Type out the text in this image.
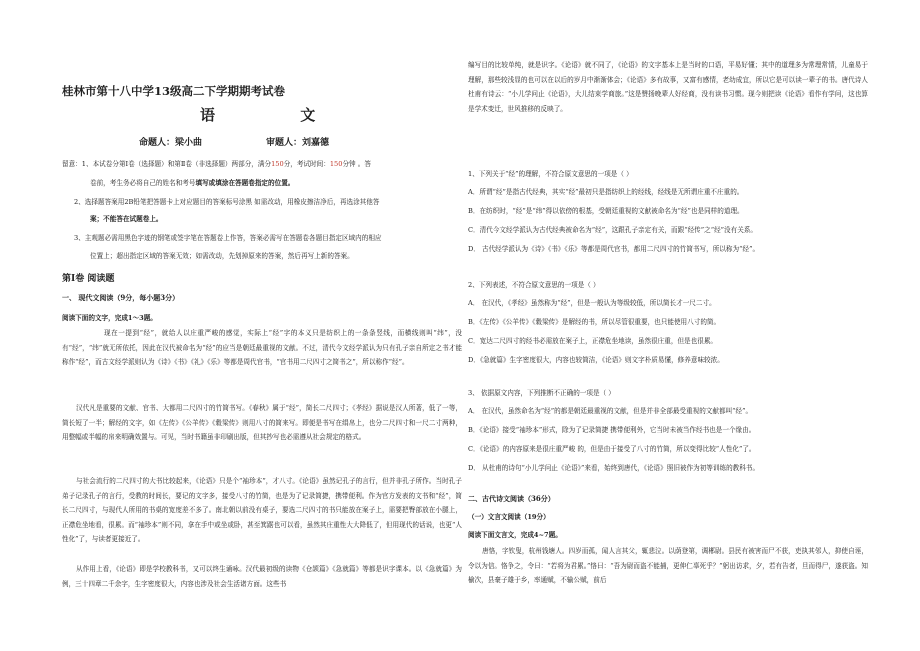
桂林市第十八中学13级高二下学期期考试卷
语 文
命题人：梁小曲	审题人：刘嘉德
留意：1、本试卷分第Ⅰ卷（选择题）和第Ⅱ卷（非选择题）两部分，满分150分，考试时间：150分钟 。答
卷前，考生务必将自己的姓名和考号填写或填涂在答题卷指定的位置。
2、选择题答案用2B铅笔把答题卡上对应题目的答案标号涂黑 如需改动，用橡皮擦洁净后，再选涂其他答
案；不能答在试题卷上。
3、主观题必需用黑色字迹的钢笔或签字笔在答题卷上作答，答案必需写在答题卷各题目指定区域内的相应
位置上；超出指定区域的答案无效；如需改动，先划掉原来的答案，然后再写上新的答案。
第Ⅰ卷 阅读题
一、 现代文阅读（9分，每小题3分）
阅读下面的文字，完成1～3题。
现在一提到“经”，就给人以庄重严峻的感觉，实际上“经”字的本义只是纺织上的一条条竖线，而横线则叫“纬”，没有“经”，“纬”就无所依托，因此在汉代被命名为“经”的应当是朝廷最重视的文献。不过，清代今文经学派认为只有孔子亲自所定之书才能称作“经”，而古文经学派则认为《诗》《书》《礼》《乐》等都是周代官书，“官书用二尺四寸之简书之”，所以称作“经”。
汉代凡是重要的文献、官书、大都用二尺四寸的竹简书写。《春秋》属于“经”，简长二尺四寸；《孝经》据说是汉人所著，低了一等，简长短了一半；解经的文字，如《左传》《公羊传》《穀梁传》则用八寸的简来写。即便是书写在绢帛上，也分二尺四寸和一尺二寸两种，用整幅或半幅的帛来明确效置与。可见，当时书籍虽非印刷出版，但其抄写也必需遵从社会规定的格式。
与社会流行的二尺四寸的大书比较起来，《论语》只是个“袖珍本”，才八寸。《论语》虽然记孔子的言行，但并非孔子所作。当时孔子弟子记录孔子的言行，受教的时间长，要记的文字多，接受八寸的竹简，也是为了记录简捷，携带便利。作为官方发表的文书和“经”，简长二尺四寸，与现代人所用的书桌的宽度差不多了。南北朝以前没有桌子，要选二尺四寸的书只能放在案子上，需要把臀部放在小腿上，正襟危坐地看，很累。而“袖珍本”则不同，拿在手中或坐或卧，甚至箕踞也可以看，虽然其庄重性大大降低了，但用现代的话说，也更“人性化”了，与读者更接近了。
从作用上看，《论语》即是学校教科书，又可以终生诵咏。汉代最初级的读物《仓颉篇》《急就篇》等都是识字课本。以《急就篇》为例，三十四章二千余字，生字密度很大，内容也涉及社会生活诸方面。这些书
编写目的比较单纯，就是识字。《论语》就不同了，《论语》的文字基本上是当时的口语，平易好懂；其中的道理多为常理常情，儿童易于理解，那些较浅显的也可以在以后的岁月中渐渐体会；《论语》多有故事，又富有感情，老幼成宜，所以它是可以读一辈子的书。唐代诗人杜甫有诗云：“小儿学问止《论语》，大儿结束学商旅。”这是赞扬晚辈人好经商，没有读书习惯。现今则把读《论语》看作有学问，这也算是学术变迁，世风推移的反映了。
1、下列关于“经”的理解，不符合原文意思的一项是（ ）
A．所谓“经”是指古代经典，其实“经”最初只是指纺织上的经线，经线是无所谓庄重不庄重的。
B．在纺织时，“经”是“纬”得以依傍的根基，受朝廷重视的文献被命名为“经”也是同样的道理。
C．清代今文经学派认为古代经典被命名为“经”，这跟孔子亲定有关，而跟“经传”之“经”没有关系。
D． 古代经学派认为《诗》《书》《乐》等都是周代官书，都用二尺四寸的竹简书写，所以称为“经”。
2、下列表述，不符合原文意思的一项是（ ）
A． 在汉代，《孝经》虽然称为“经”，但是一般认为等级较低，所以简长才一尺二寸。
B．《左传》《公羊传》《穀梁传》是解经的书，所以尽管很重要，也只能使用八寸的简。
C．宽达二尺四寸的经书必需放在案子上，正襟危坐地读，虽然很庄重，但是也很累。
D．《急就篇》生字密度很大，内容也较简洁，《论语》则文字朴质易懂，修养意味较浓。
3、 依据原文内容，下列推断不正确的一项是（ ）
A． 在汉代，虽然命名为“经”的都是朝廷最重视的文献，但是并非全部最受重视的文献都叫“经”。
B．《论语》接受“袖珍本”形式，除为了记录简捷 携带便利外，它当时未被当作经书也是一个缘由。
C．《论语》的内容原来是很庄重严峻 的，但是由于接受了八寸的竹简，所以变得比较“人性化”了。
D． 从杜甫的诗句“小儿学问止《论语》”来看，始终到唐代，《论语》照旧被作为初等训练的教科书。
二、古代诗文阅读（36分）
（一）文言文阅读（19分）
阅读下面文言文，完成4~7题。
唐恪，字钦叟，杭州钱塘人。四岁而孤，闻人言其父，辄悲泣。以荫登第，调郴尉。县民有被害而尸不获，吏执其邻人，抑使自诬，令以为信。恪争之，令曰：“若将为君累。”恪曰：“吾为尉而盗不能捕，更伸仁辜死乎？”躬出访求，夕，若有告者，旦而得尸，遂获盗。知榆次，县豪子雄于乡，率通赋，不输公赋，前后
